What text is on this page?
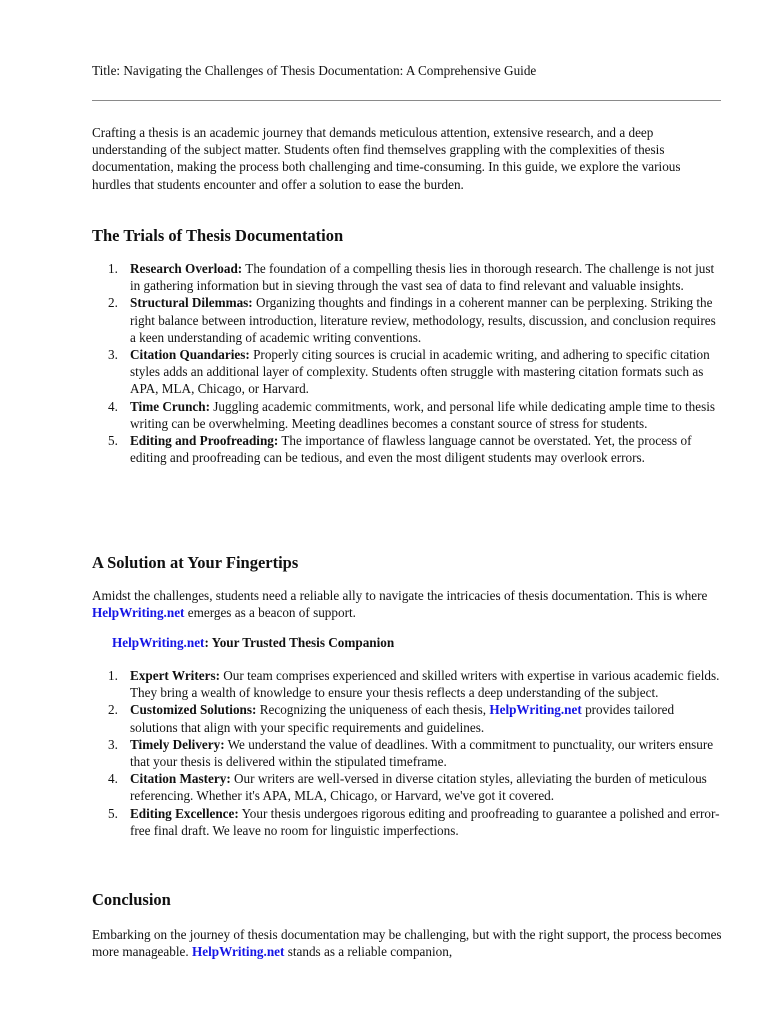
Title: Navigating the Challenges of Thesis Documentation: A Comprehensive Guide

Crafting a thesis is an academic journey that demands meticulous attention, extensive research, and a deep understanding of the subject matter. Students often find themselves grappling with the complexities of thesis documentation, making the process both challenging and time-consuming. In this guide, we explore the various hurdles that students encounter and offer a solution to ease the burden.

The Trials of Thesis Documentation
1. Research Overload: The foundation of a compelling thesis lies in thorough research. The challenge is not just in gathering information but in sieving through the vast sea of data to find relevant and valuable insights.
2. Structural Dilemmas: Organizing thoughts and findings in a coherent manner can be perplexing. Striking the right balance between introduction, literature review, methodology, results, discussion, and conclusion requires a keen understanding of academic writing conventions.
3. Citation Quandaries: Properly citing sources is crucial in academic writing, and adhering to specific citation styles adds an additional layer of complexity. Students often struggle with mastering citation formats such as APA, MLA, Chicago, or Harvard.
4. Time Crunch: Juggling academic commitments, work, and personal life while dedicating ample time to thesis writing can be overwhelming. Meeting deadlines becomes a constant source of stress for students.
5. Editing and Proofreading: The importance of flawless language cannot be overstated. Yet, the process of editing and proofreading can be tedious, and even the most diligent students may overlook errors.
A Solution at Your Fingertips

Amidst the challenges, students need a reliable ally to navigate the intricacies of thesis documentation. This is where HelpWriting.net emerges as a beacon of support.

HelpWriting.net: Your Trusted Thesis Companion
1. Expert Writers: Our team comprises experienced and skilled writers with expertise in various academic fields. They bring a wealth of knowledge to ensure your thesis reflects a deep understanding of the subject.
2. Customized Solutions: Recognizing the uniqueness of each thesis, HelpWriting.net provides tailored solutions that align with your specific requirements and guidelines.
3. Timely Delivery: We understand the value of deadlines. With a commitment to punctuality, our writers ensure that your thesis is delivered within the stipulated timeframe.
4. Citation Mastery: Our writers are well-versed in diverse citation styles, alleviating the burden of meticulous referencing. Whether it's APA, MLA, Chicago, or Harvard, we've got it covered.
5. Editing Excellence: Your thesis undergoes rigorous editing and proofreading to guarantee a polished and error-free final draft. We leave no room for linguistic imperfections.
Conclusion

Embarking on the journey of thesis documentation may be challenging, but with the right support, the process becomes more manageable. HelpWriting.net stands as a reliable companion,
